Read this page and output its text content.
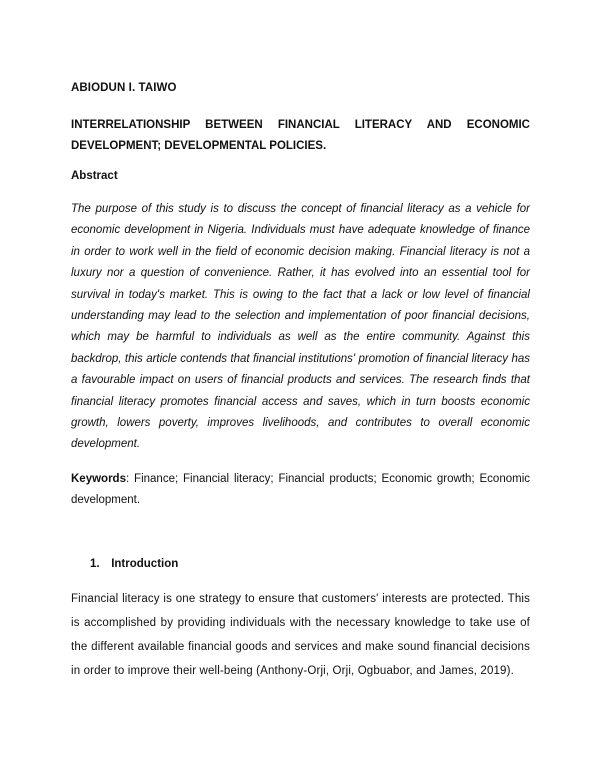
ABIODUN I. TAIWO
INTERRELATIONSHIP BETWEEN FINANCIAL LITERACY AND ECONOMIC DEVELOPMENT; DEVELOPMENTAL POLICIES.
Abstract

The purpose of this study is to discuss the concept of financial literacy as a vehicle for economic development in Nigeria. Individuals must have adequate knowledge of finance in order to work well in the field of economic decision making. Financial literacy is not a luxury nor a question of convenience. Rather, it has evolved into an essential tool for survival in today's market. This is owing to the fact that a lack or low level of financial understanding may lead to the selection and implementation of poor financial decisions, which may be harmful to individuals as well as the entire community. Against this backdrop, this article contends that financial institutions' promotion of financial literacy has a favourable impact on users of financial products and services. The research finds that financial literacy promotes financial access and saves, which in turn boosts economic growth, lowers poverty, improves livelihoods, and contributes to overall economic development.

Keywords: Finance; Financial literacy; Financial products; Economic growth; Economic development.

1. Introduction

Financial literacy is one strategy to ensure that customers' interests are protected. This is accomplished by providing individuals with the necessary knowledge to take use of the different available financial goods and services and make sound financial decisions in order to improve their well-being (Anthony-Orji, Orji, Ogbuabor, and James, 2019).
